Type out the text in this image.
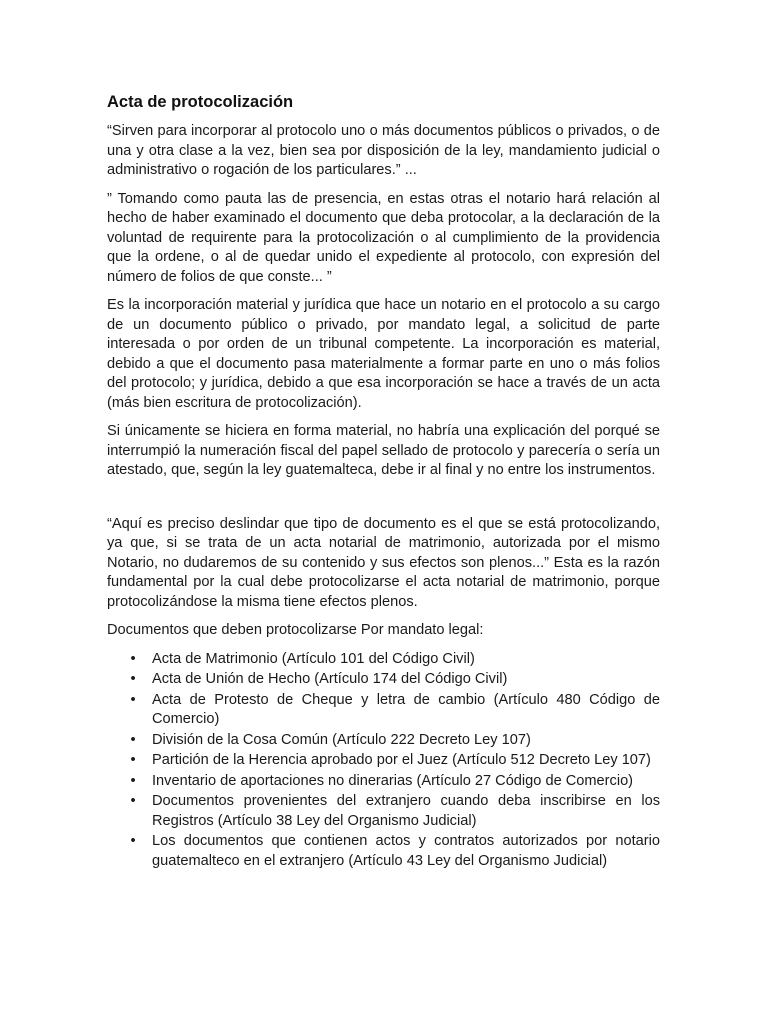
Acta de protocolización

“Sirven para incorporar al protocolo uno o más documentos públicos o privados, o de una y otra clase a la vez, bien sea por disposición de la ley, mandamiento judicial o administrativo o rogación de los particulares.” ...

” Tomando como pauta las de presencia, en estas otras el notario hará relación al hecho de haber examinado el documento que deba protocolar, a la declaración de la voluntad de requirente para la protocolización o al cumplimiento de la providencia que la ordene, o al de quedar unido el expediente al protocolo, con expresión del número de folios de que conste... ”

Es la incorporación material y jurídica que hace un notario en el protocolo a su cargo de un documento público o privado, por mandato legal, a solicitud de parte interesada o por orden de un tribunal competente. La incorporación es material, debido a que el documento pasa materialmente a formar parte en uno o más folios del protocolo; y jurídica, debido a que esa incorporación se hace a través de un acta (más bien escritura de protocolización).

Si únicamente se hiciera en forma material, no habría una explicación del porqué se interrumpió la numeración fiscal del papel sellado de protocolo y parecería o sería un atestado, que, según la ley guatemalteca, debe ir al final y no entre los instrumentos.

“Aquí es preciso deslindar que tipo de documento es el que se está protocolizando, ya que, si se trata de un acta notarial de matrimonio, autorizada por el mismo Notario, no dudaremos de su contenido y sus efectos son plenos...” Esta es la razón fundamental por la cual debe protocolizarse el acta notarial de matrimonio, porque protocolizándose la misma tiene efectos plenos.

Documentos que deben protocolizarse Por mandato legal:

• Acta de Matrimonio (Artículo 101 del Código Civil)
• Acta de Unión de Hecho (Artículo 174 del Código Civil)
• Acta de Protesto de Cheque y letra de cambio (Artículo 480 Código de Comercio)
• División de la Cosa Común (Artículo 222 Decreto Ley 107)
• Partición de la Herencia aprobado por el Juez (Artículo 512 Decreto Ley 107)
• Inventario de aportaciones no dinerarias (Artículo 27 Código de Comercio)
• Documentos provenientes del extranjero cuando deba inscribirse en los Registros (Artículo 38 Ley del Organismo Judicial)
• Los documentos que contienen actos y contratos autorizados por notario guatemalteco en el extranjero (Artículo 43 Ley del Organismo Judicial)
